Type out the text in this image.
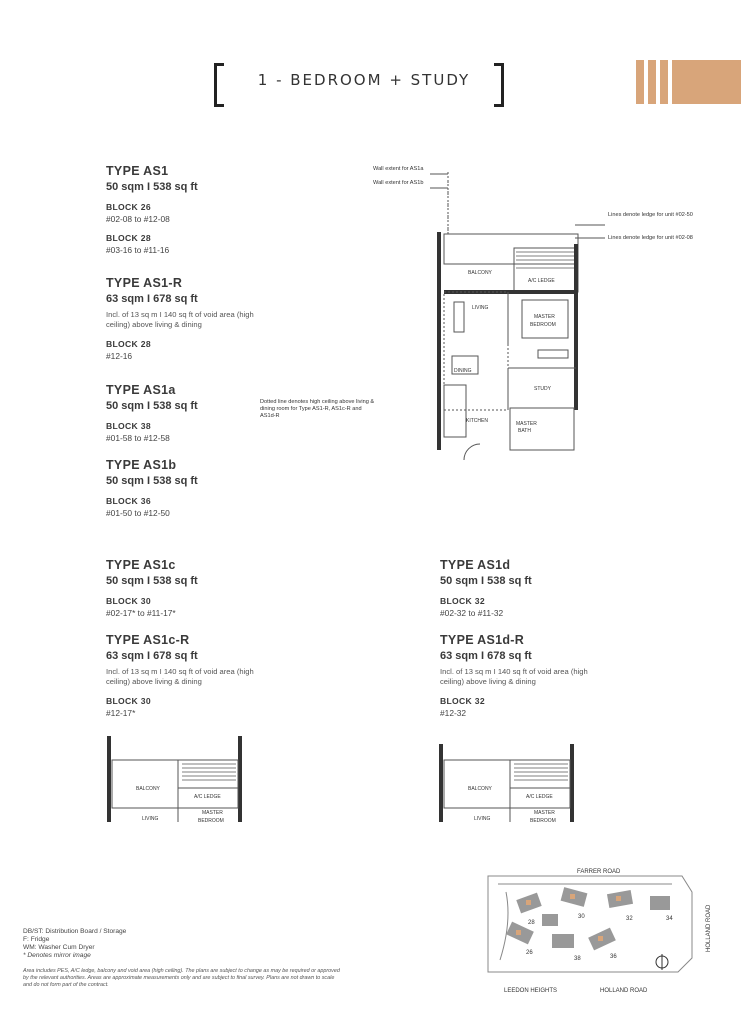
1 - BEDROOM + STUDY
TYPE AS1
50 sqm I 538 sq ft
BLOCK 26
#02-08 to #12-08
BLOCK 28
#03-16 to #11-16
TYPE AS1-R
63 sqm I 678 sq ft
Incl. of 13 sq m I 140 sq ft of void area (high ceiling) above living & dining
BLOCK 28
#12-16
TYPE AS1a
50 sqm I 538 sq ft
BLOCK 38
#01-58 to #12-58
TYPE AS1b
50 sqm I 538 sq ft
BLOCK 36
#01-50 to #12-50
TYPE AS1c
50 sqm I 538 sq ft
BLOCK 30
#02-17* to #11-17*
TYPE AS1c-R
63 sqm I 678 sq ft
Incl. of 13 sq m I 140 sq ft of void area (high ceiling) above living & dining
BLOCK 30
#12-17*
TYPE AS1d
50 sqm I 538 sq ft
BLOCK 32
#02-32 to #11-32
TYPE AS1d-R
63 sqm I 678 sq ft
Incl. of 13 sq m I 140 sq ft of void area (high ceiling) above living & dining
BLOCK 32
#12-32
Wall extent for AS1a
Wall extent for AS1b
Lines denote ledge for unit #02-50
Lines denote ledge for unit #02-08
Dotted line denotes high ceiling above living & dining room for Type AS1-R, AS1c-R and AS1d-R
BALCONY
A/C LEDGE
LIVING
MASTER
BEDROOM
DINING
STUDY
KITCHEN	MASTER
BATH
BALCONY
A/C LEDGE
LIVING
MASTER
BEDROOM
BALCONY
A/C LEDGE
LIVING
MASTER
BEDROOM
FARRER ROAD
HOLLAND ROAD
HOLLAND ROAD
LEEDON HEIGHTS
28
30	32	34
26
38	36
DB/ST: Distribution Board / Storage
F: Fridge
WM: Washer Cum Dryer
* Denotes mirror image
Area includes PES, A/C ledge, balcony and void area (high ceiling). The plans are subject to change as may be required or approved by the relevant authorities. Areas are approximate measurements only and are subject to final survey. Plans are not drawn to scale and do not form part of the contract.
